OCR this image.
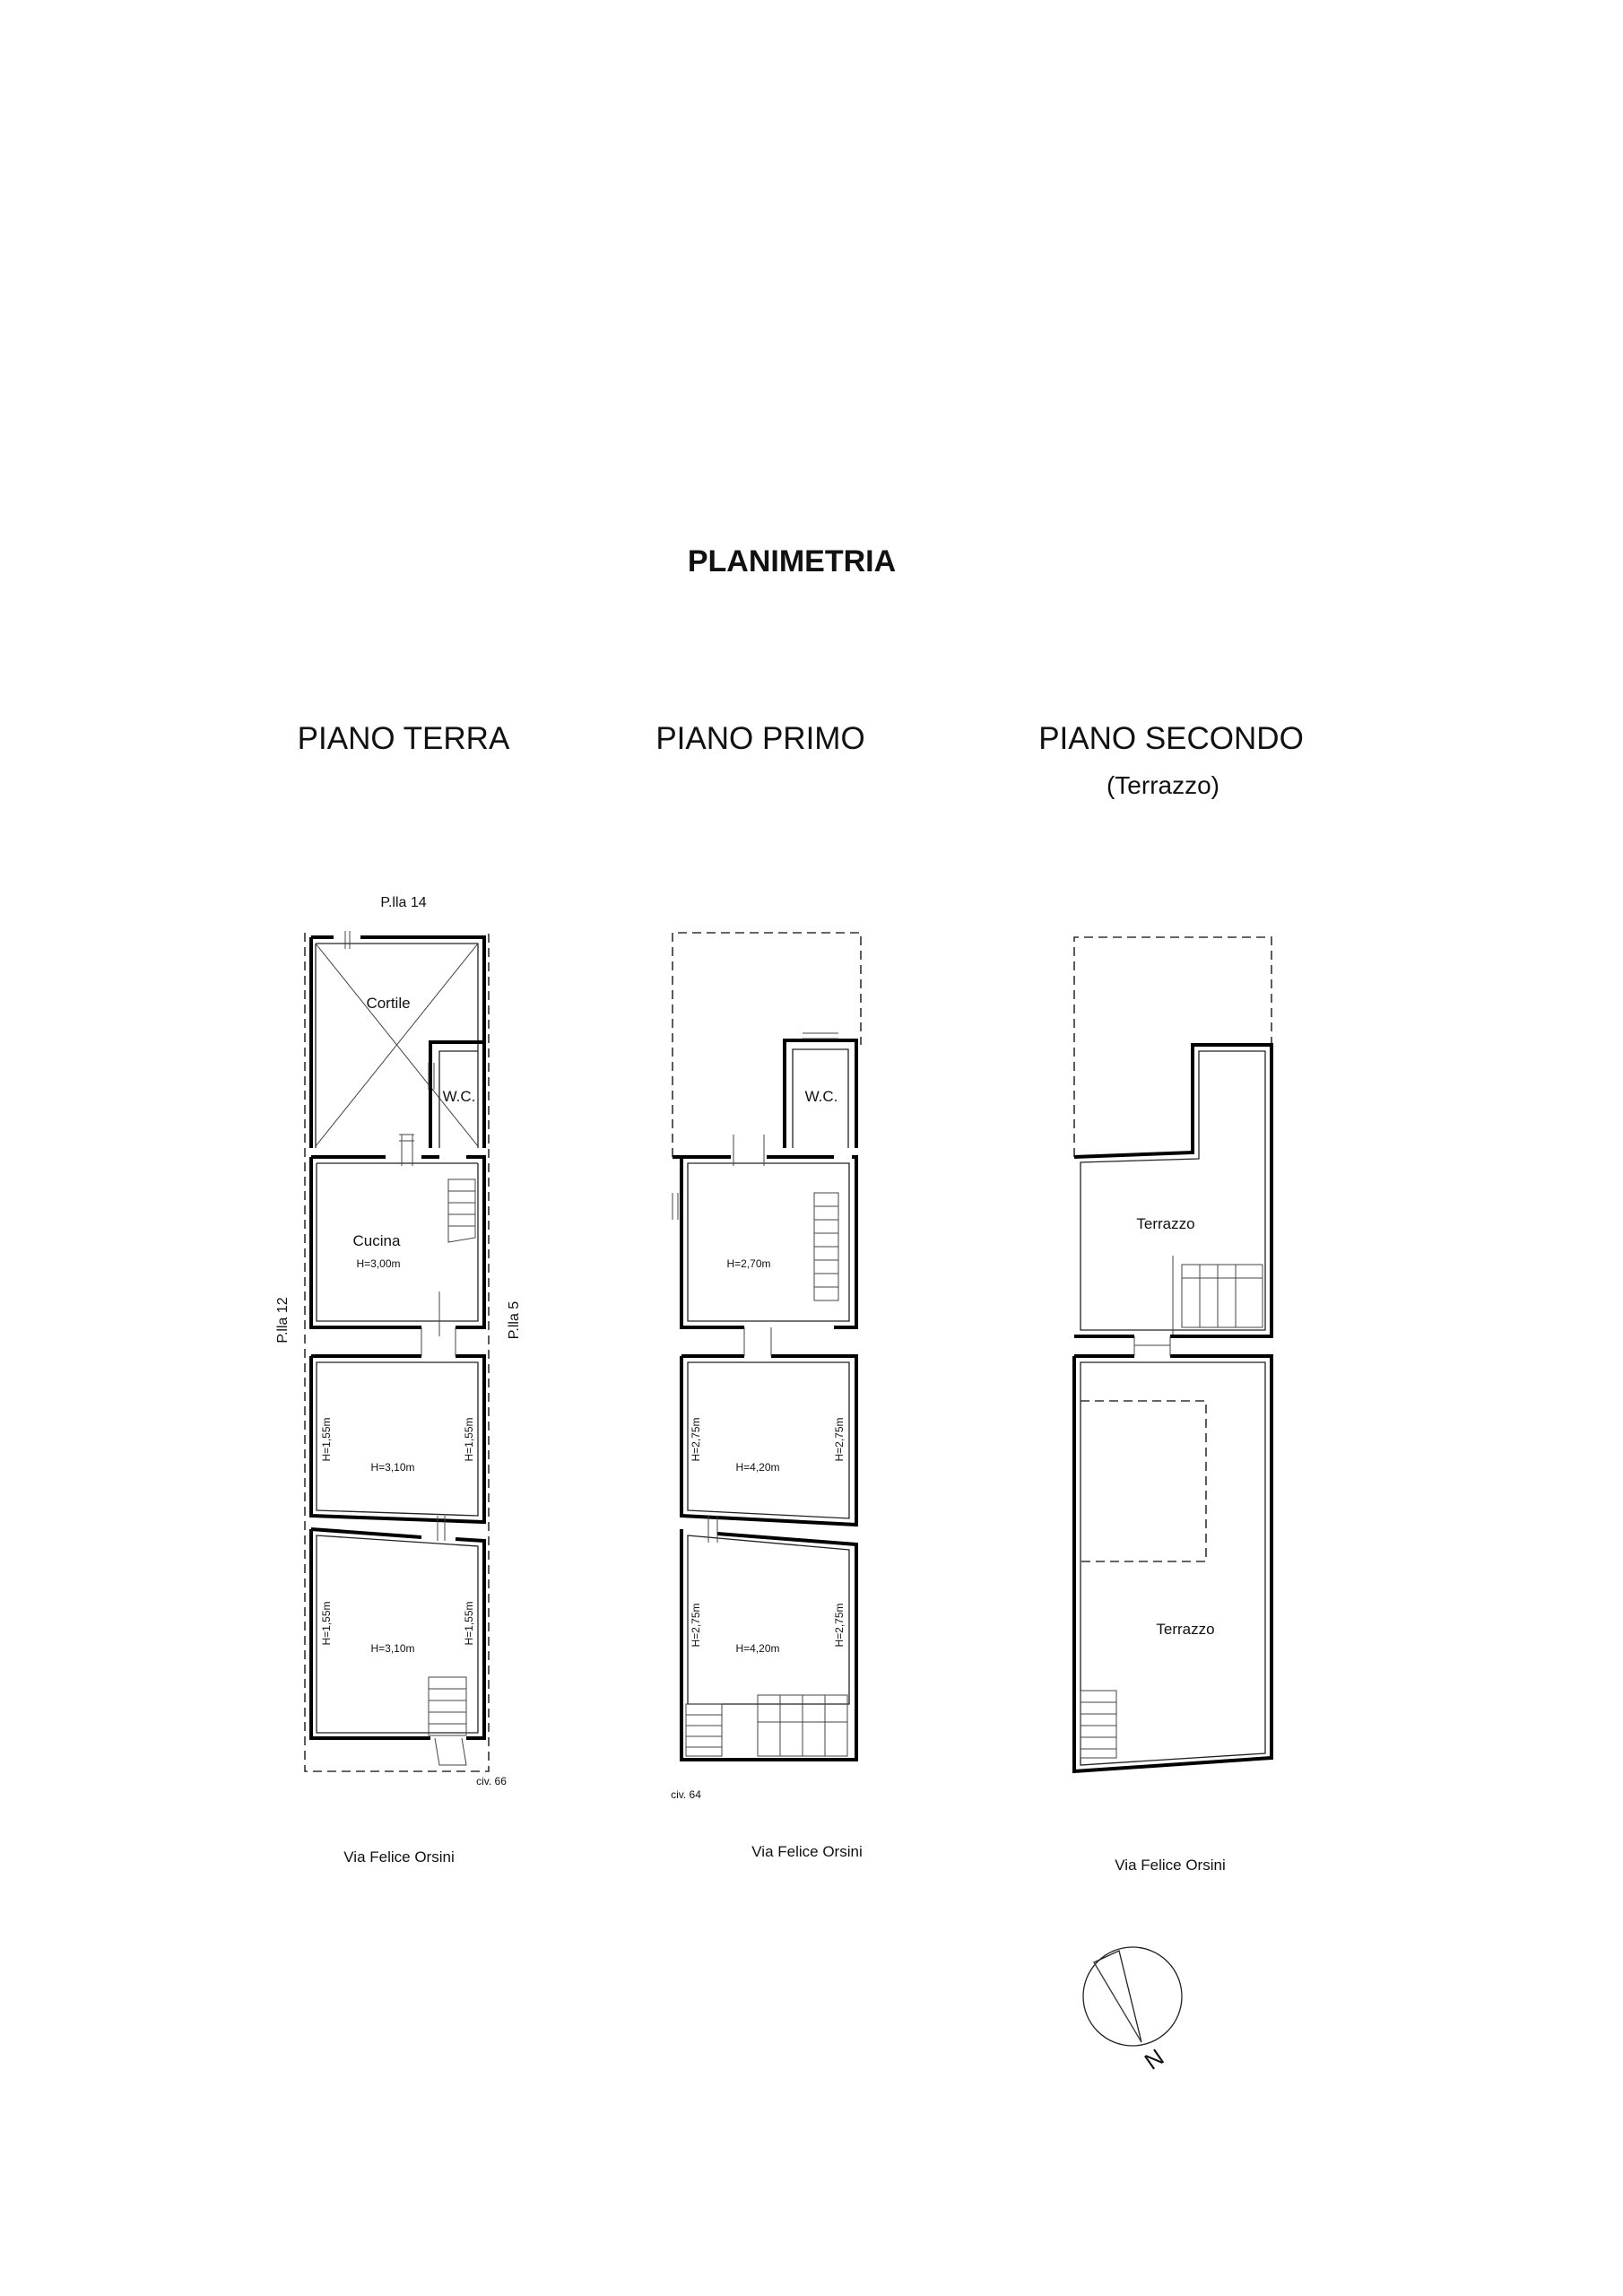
PLANIMETRIA
PIANO TERRA	PIANO PRIMO	PIANO SECONDO
(Terrazzo)
P.lla 14
P.lla 12	P.lla 5
Cortile
W.C.
Cucina
H=3,00m
H=3,10m
H=1,55m	H=1,55m
H=3,10m
H=1,55m	H=1,55m
civ. 66
Via Felice Orsini
W.C.
H=2,70m
H=4,20m
H=2,75m	H=2,75m
H=4,20m
H=2,75m	H=2,75m
civ. 64
Via Felice Orsini
Terrazzo
Terrazzo
Via Felice Orsini
N
